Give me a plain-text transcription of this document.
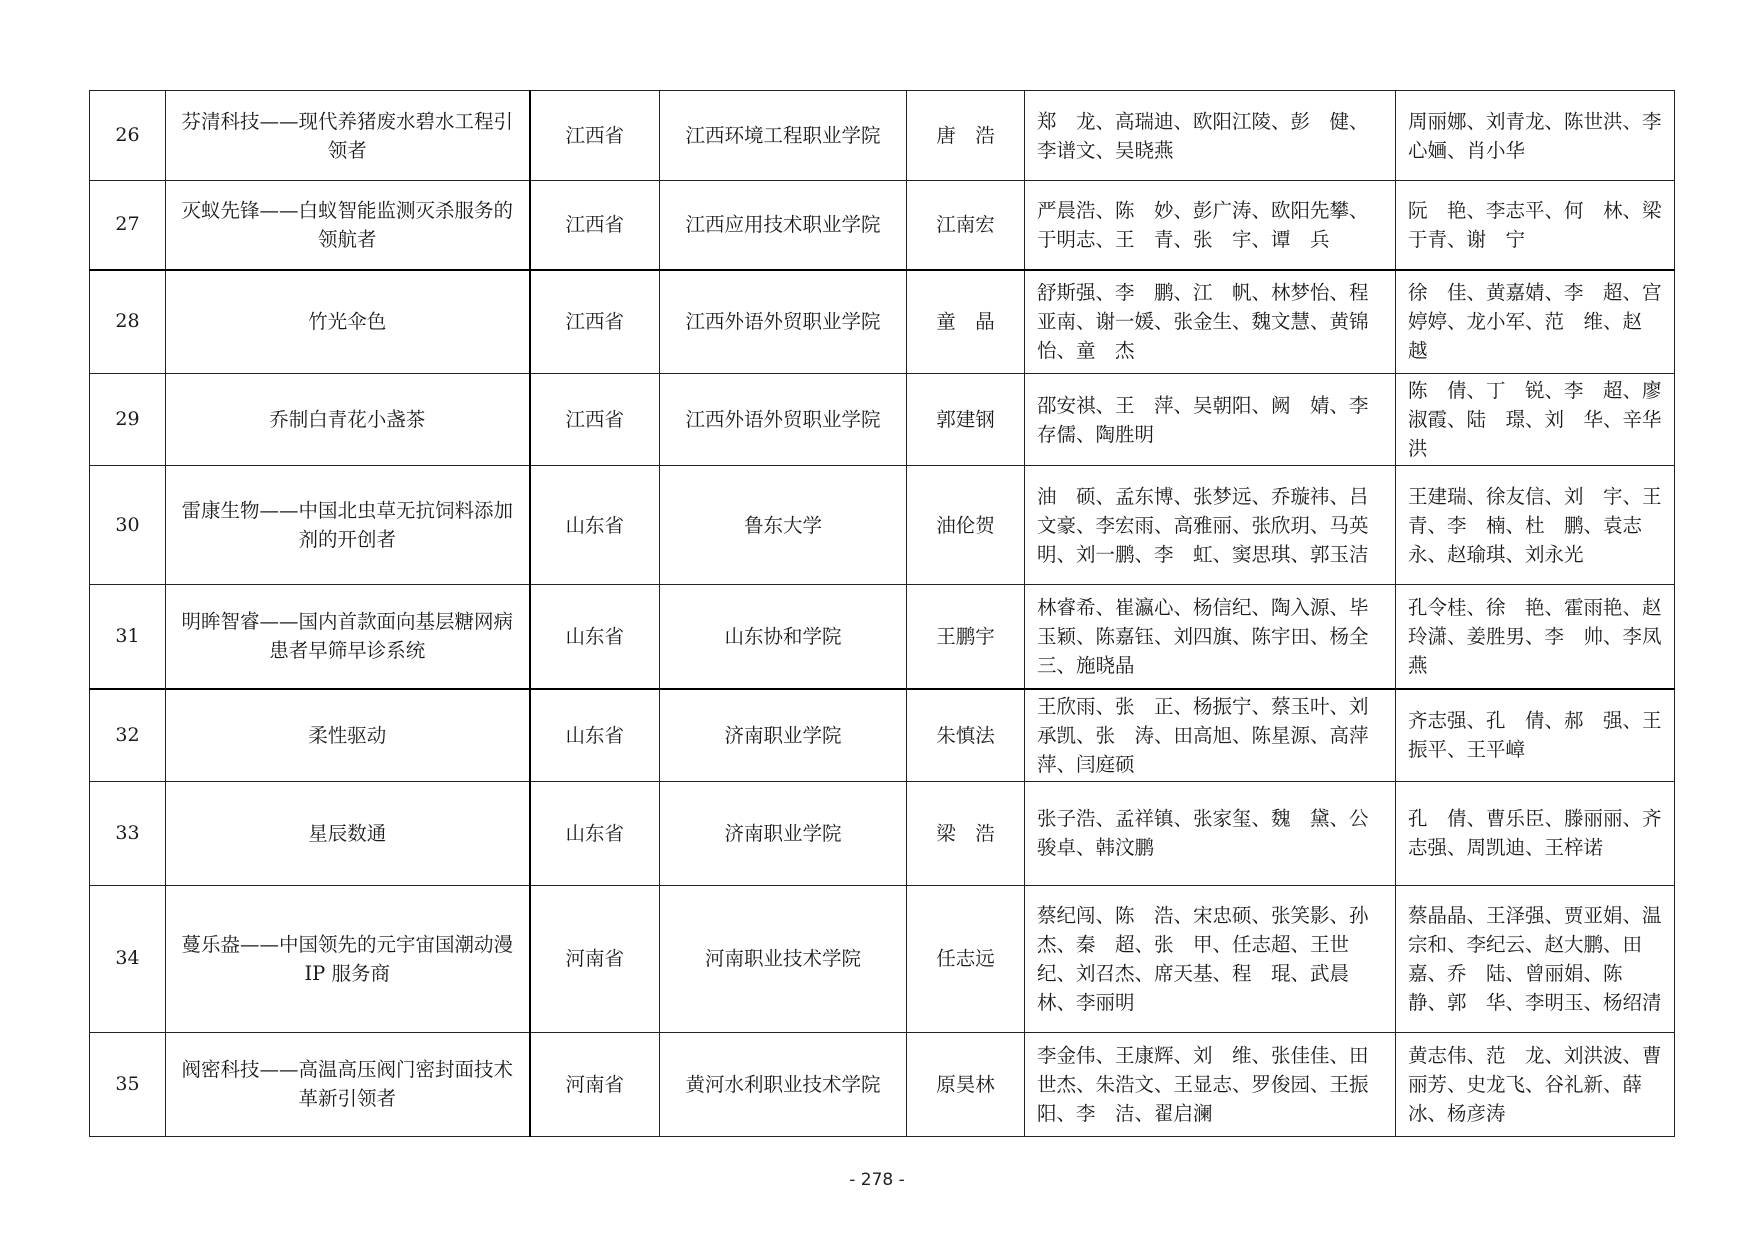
26	芬清科技——现代养猪废水碧水工程引领者	江西省	江西环境工程职业学院	唐　浩	郑　龙、高瑞迪、欧阳江陵、彭　健、李谱文、吴晓燕	周丽娜、刘青龙、陈世洪、李心婳、肖小华
27	灭蚁先锋——白蚁智能监测灭杀服务的领航者	江西省	江西应用技术职业学院	江南宏	严晨浩、陈　妙、彭广涛、欧阳先攀、于明志、王　青、张　宇、谭　兵	阮　艳、李志平、何　林、梁于青、谢　宁
28	竹光伞色	江西省	江西外语外贸职业学院	童　晶	舒斯强、李　鹏、江　帆、林梦怡、程亚南、谢一媛、张金生、魏文慧、黄锦怡、童　杰	徐　佳、黄嘉婧、李　超、宫婷婷、龙小军、范　维、赵　越
29	乔制白青花小盏茶	江西省	江西外语外贸职业学院	郭建钢	邵安祺、王　萍、吴朝阳、阙　婧、李存儒、陶胜明	陈　倩、丁　锐、李　超、廖淑霞、陆　璟、刘　华、辛华洪
30	雷康生物——中国北虫草无抗饲料添加剂的开创者	山东省	鲁东大学	油伦贺	油　硕、孟东博、张梦远、乔璇祎、吕文豪、李宏雨、高雅丽、张欣玥、马英明、刘一鹏、李　虹、窦思琪、郭玉洁	王建瑞、徐友信、刘　宇、王　青、李　楠、杜　鹏、袁志永、赵瑜琪、刘永光
31	明眸智睿——国内首款面向基层糖网病患者早筛早诊系统	山东省	山东协和学院	王鹏宇	林睿希、崔瀛心、杨信纪、陶入源、毕玉颖、陈嘉钰、刘四旗、陈宇田、杨全三、施晓晶	孔令桂、徐　艳、霍雨艳、赵玲潇、姜胜男、李　帅、李凤燕
32	柔性驱动	山东省	济南职业学院	朱慎法	王欣雨、张　正、杨振宁、蔡玉叶、刘承凯、张　涛、田高旭、陈星源、高萍萍、闫庭硕	齐志强、孔　倩、郝　强、王振平、王平嶂
33	星辰数通	山东省	济南职业学院	梁　浩	张子浩、孟祥镇、张家玺、魏　黛、公骏卓、韩汶鹏	孔　倩、曹乐臣、滕丽丽、齐志强、周凯迪、王梓诺
34	蔓乐盎——中国领先的元宇宙国潮动漫 IP 服务商	河南省	河南职业技术学院	任志远	蔡纪闯、陈　浩、宋忠硕、张笑影、孙　杰、秦　超、张　甲、任志超、王世纪、刘召杰、席天基、程　琨、武晨林、李丽明	蔡晶晶、王泽强、贾亚娟、温宗和、李纪云、赵大鹏、田　嘉、乔　陆、曾丽娟、陈　静、郭　华、李明玉、杨绍清
35	阀密科技——高温高压阀门密封面技术革新引领者	河南省	黄河水利职业技术学院	原昊林	李金伟、王康辉、刘　维、张佳佳、田世杰、朱浩文、王显志、罗俊园、王振阳、李　洁、翟启澜	黄志伟、范　龙、刘洪波、曹丽芳、史龙飞、谷礼新、薛　冰、杨彦涛
- 278 -
